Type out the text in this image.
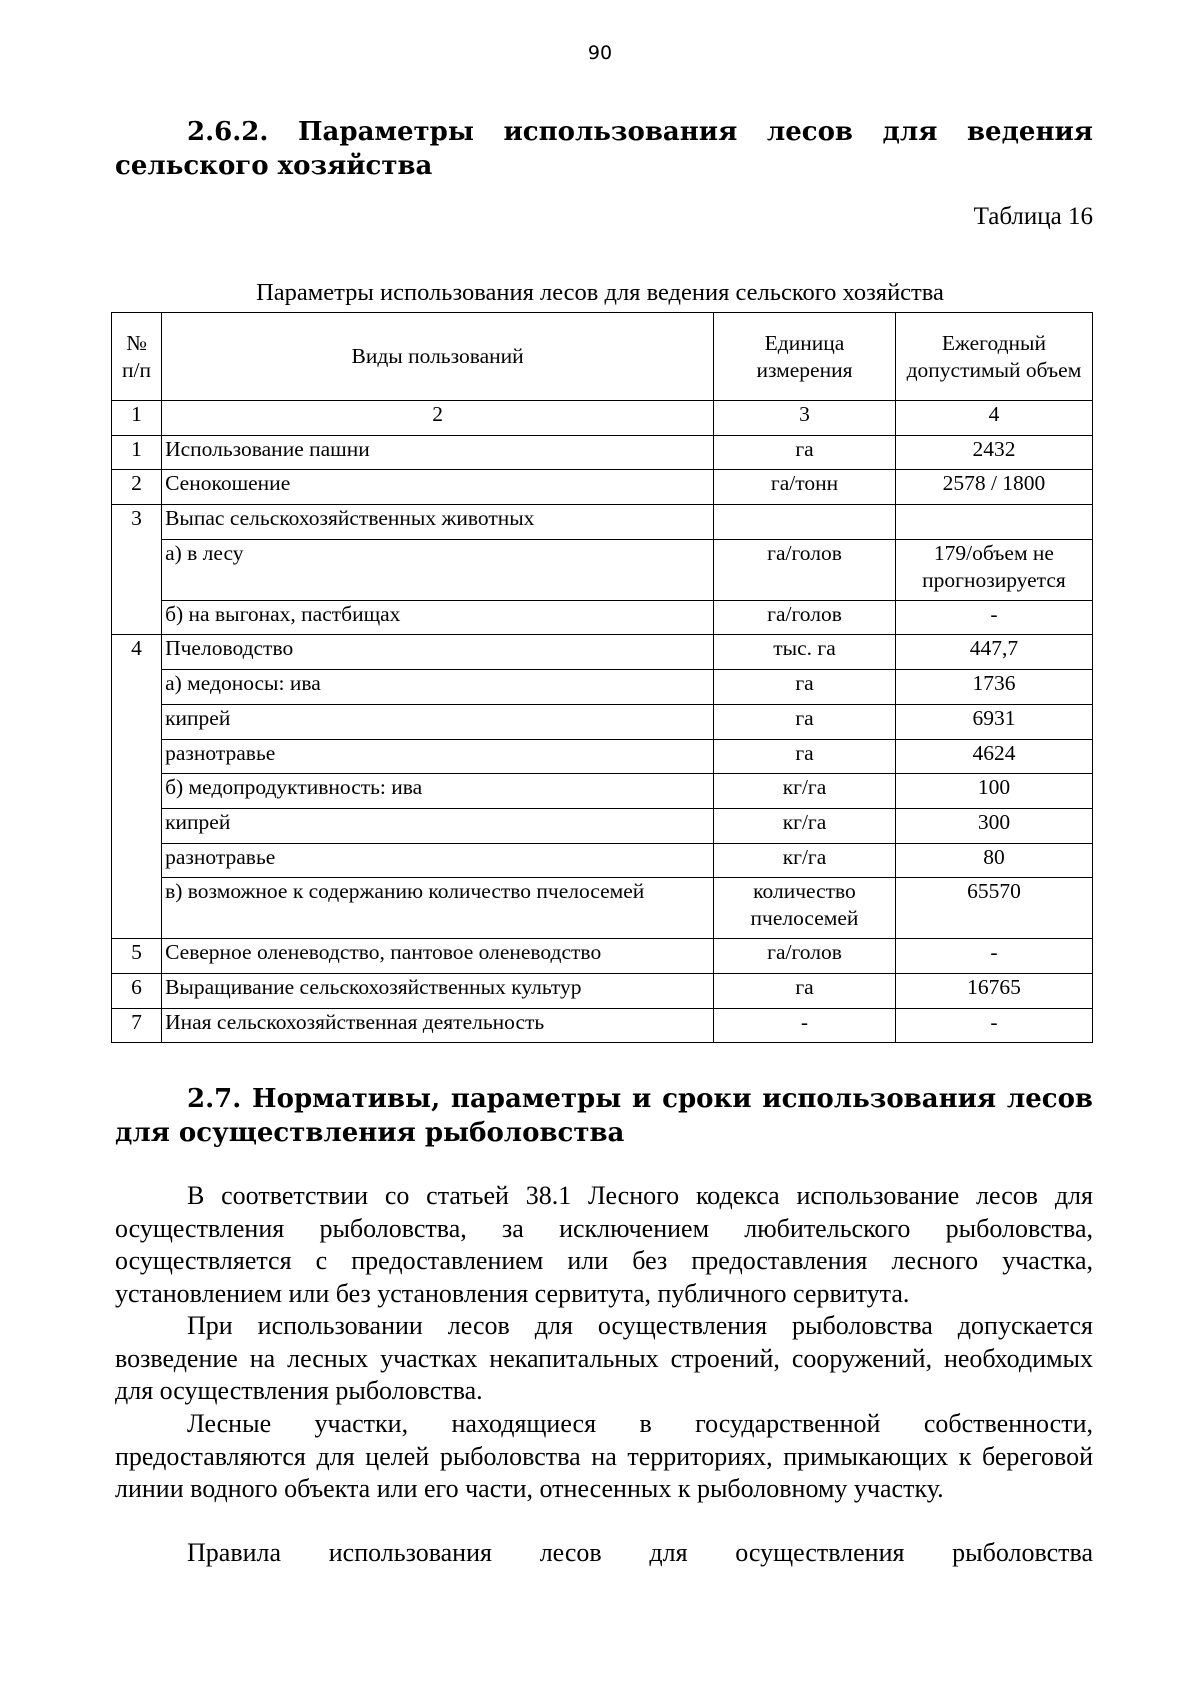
90
2.6.2. Параметры использования лесов для ведения сельского хозяйства
Таблица 16
Параметры использования лесов для ведения сельского хозяйства
№ п/п	Виды пользований	Единица измерения	Ежегодный допустимый объем
1	2	3	4
1	Использование пашни	га	2432
2	Сенокошение	га/тонн	2578 / 1800
3	Выпас сельскохозяйственных животных		
	а) в лесу	га/голов	179/объем не прогнозируется
	б) на выгонах, пастбищах	га/голов	-
4	Пчеловодство	тыс. га	447,7
	а) медоносы: ива	га	1736
	кипрей	га	6931
	разнотравье	га	4624
	б) медопродуктивность: ива	кг/га	100
	кипрей	кг/га	300
	разнотравье	кг/га	80
	в) возможное к содержанию количество пчелосемей	количество пчелосемей	65570
5	Северное оленеводство, пантовое оленеводство	га/голов	-
6	Выращивание сельскохозяйственных культур	га	16765
7	Иная сельскохозяйственная деятельность	-	-
2.7. Нормативы, параметры и сроки использования лесов для осуществления рыболовства
В соответствии со статьей 38.1 Лесного кодекса использование лесов для осуществления рыболовства, за исключением любительского рыболовства, осуществляется с предоставлением или без предоставления лесного участка, установлением или без установления сервитута, публичного сервитута.
При использовании лесов для осуществления рыболовства допускается возведение на лесных участках некапитальных строений, сооружений, необходимых для осуществления рыболовства.
Лесные участки, находящиеся в государственной собственности, предоставляются для целей рыболовства на территориях, примыкающих к береговой линии водного объекта или его части, отнесенных к рыболовному участку.
Правила использования лесов для осуществления рыболовства
